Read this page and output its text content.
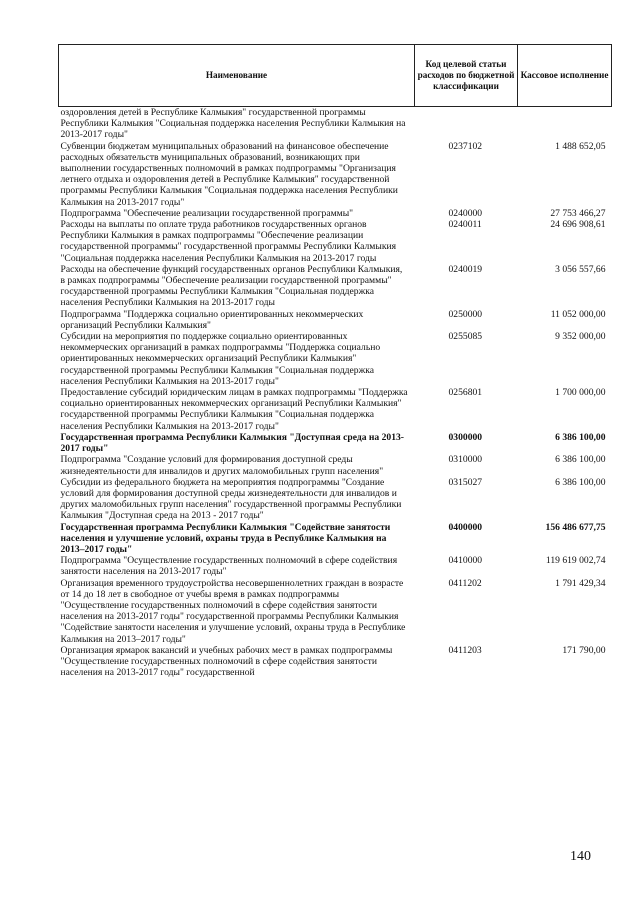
Наименование	Код целевой статьи расходов по бюджетной классификации	Кассовое исполнение
оздоровления детей в Республике Калмыкия" государственной программы Республики Калмыкия "Социальная поддержка населения Республики Калмыкия на 2013-2017 годы"		
Субвенции бюджетам муниципальных образований на финансовое обеспечение расходных обязательств муниципальных образований, возникающих при выполнении государственных полномочий в рамках подпрограммы "Организация летнего отдыха и оздоровления детей в Республике Калмыкия" государственной программы Республики Калмыкия "Социальная поддержка населения Республики Калмыкия на 2013-2017 годы"	0237102	1 488 652,05
Подпрограмма "Обеспечение реализации государственной программы"	0240000	27 753 466,27
Расходы на выплаты по оплате труда работников государственных органов Республики Калмыкия в рамках подпрограммы "Обеспечение реализации государственной программы" государственной программы Республики Калмыкия "Социальная поддержка населения Республики Калмыкия на 2013-2017 годы	0240011	24 696 908,61
Расходы на обеспечение функций государственных органов Республики Калмыкия, в рамках подпрограммы "Обеспечение реализации государственной программы" государственной программы Республики Калмыкия "Социальная поддержка населения Республики Калмыкия на 2013-2017 годы	0240019	3 056 557,66
Подпрограмма "Поддержка социально ориентированных некоммерческих организаций Республики Калмыкия"	0250000	11 052 000,00
Субсидии на мероприятия по поддержке социально ориентированных некоммерческих организаций в рамках подпрограммы "Поддержка социально ориентированных некоммерческих организаций Республики Калмыкия" государственной программы Республики Калмыкия "Социальная поддержка населения Республики Калмыкия на 2013-2017 годы"	0255085	9 352 000,00
Предоставление субсидий юридическим лицам в рамках подпрограммы "Поддержка социально ориентированных некоммерческих организаций Республики Калмыкия" государственной программы Республики Калмыкия "Социальная поддержка населения Республики Калмыкия на 2013-2017 годы"	0256801	1 700 000,00
Государственная программа Республики Калмыкия "Доступная среда на 2013-2017 годы"	0300000	6 386 100,00
Подпрограмма "Создание условий для формирования доступной среды жизнедеятельности для инвалидов и других маломобильных групп населения"	0310000	6 386 100,00
Субсидии из федерального бюджета на мероприятия подпрограммы "Создание условий для формирования доступной среды жизнедеятельности для инвалидов и других маломобильных групп населения" государственной программы Республики Калмыкия "Доступная среда на 2013 - 2017 годы"	0315027	6 386 100,00
Государственная программа Республики Калмыкия "Содействие занятости населения и улучшение условий, охраны труда в Республике Калмыкия на 2013–2017 годы"	0400000	156 486 677,75
Подпрограмма "Осуществление государственных полномочий в сфере содействия занятости населения на 2013-2017 годы"	0410000	119 619 002,74
Организация временного трудоустройства несовершеннолетних граждан в возрасте от 14 до 18 лет в свободное от учебы время в рамках подпрограммы "Осуществление государственных полномочий в сфере содействия занятости населения на 2013-2017 годы" государственной программы Республики Калмыкия "Содействие занятости населения и улучшение условий, охраны труда в Республике Калмыкия на 2013–2017 годы"	0411202	1 791 429,34
Организация ярмарок вакансий и учебных рабочих мест в рамках подпрограммы "Осуществление государственных полномочий в сфере содействия занятости населения на 2013-2017 годы" государственной	0411203	171 790,00
140
